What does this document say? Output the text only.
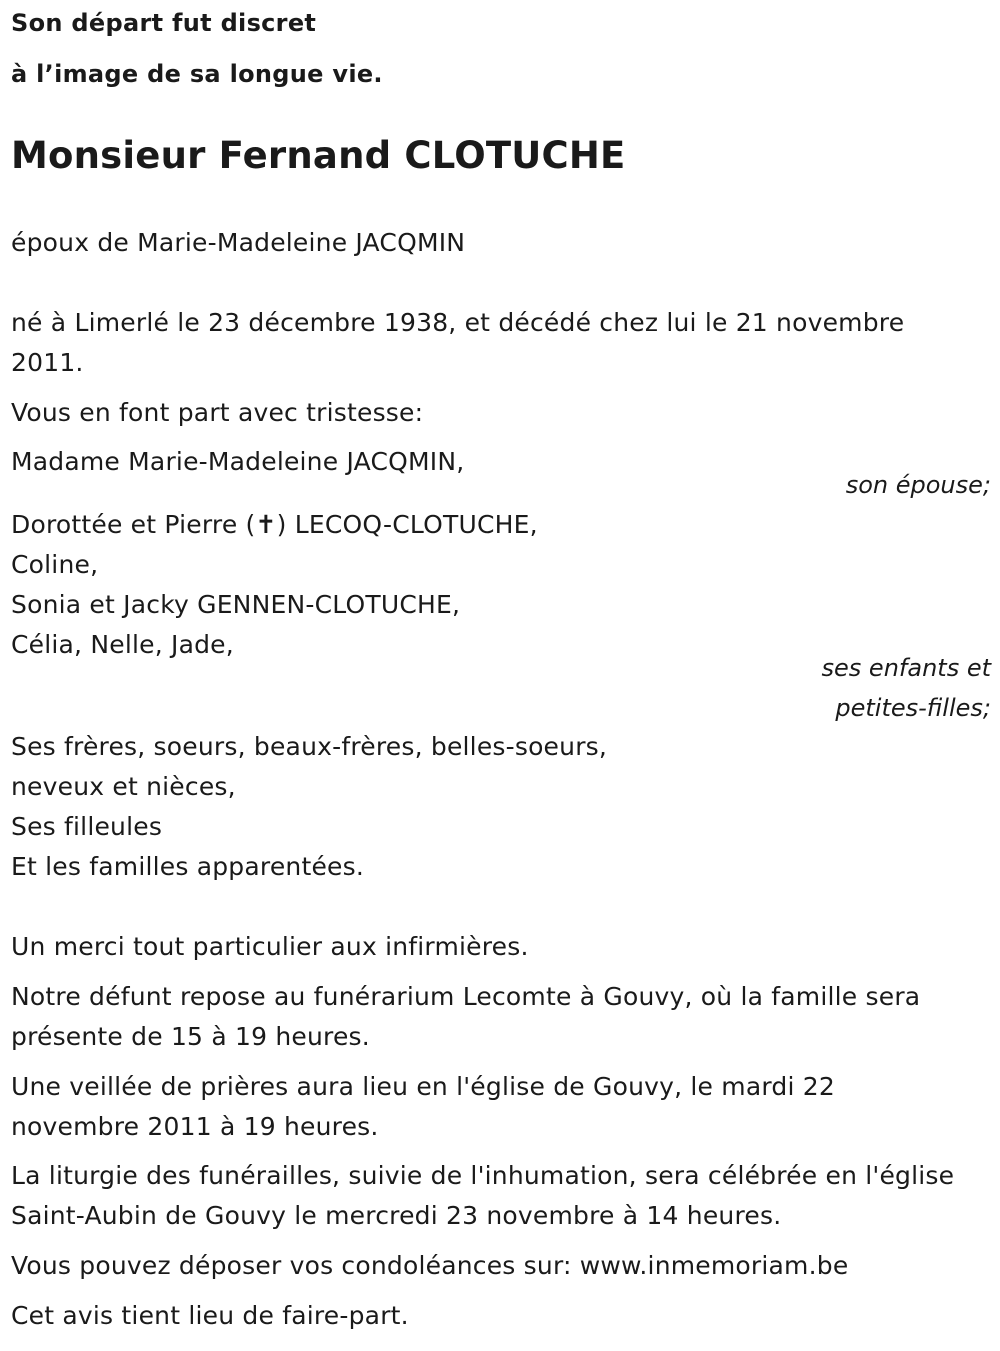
Son départ fut discret
à l’image de sa longue vie.
Monsieur Fernand CLOTUCHE
époux de Marie-Madeleine JACQMIN
né à Limerlé le 23 décembre 1938, et décédé chez lui le 21 novembre
2011.
Vous en font part avec tristesse:
Madame Marie-Madeleine JACQMIN,
son épouse;
Dorottée et Pierre (✝) LECOQ-CLOTUCHE,
Coline,
Sonia et Jacky GENNEN-CLOTUCHE,
Célia, Nelle, Jade,
ses enfants et
petites-filles;
Ses frères, soeurs, beaux-frères, belles-soeurs,
neveux et nièces,
Ses filleules
Et les familles apparentées.
Un merci tout particulier aux infirmières.
Notre défunt repose au funérarium Lecomte à Gouvy, où la famille sera
présente de 15 à 19 heures.
Une veillée de prières aura lieu en l'église de Gouvy, le mardi 22
novembre 2011 à 19 heures.
La liturgie des funérailles, suivie de l'inhumation, sera célébrée en l'église
Saint-Aubin de Gouvy le mercredi 23 novembre à 14 heures.
Vous pouvez déposer vos condoléances sur: www.inmemoriam.be
Cet avis tient lieu de faire-part.
